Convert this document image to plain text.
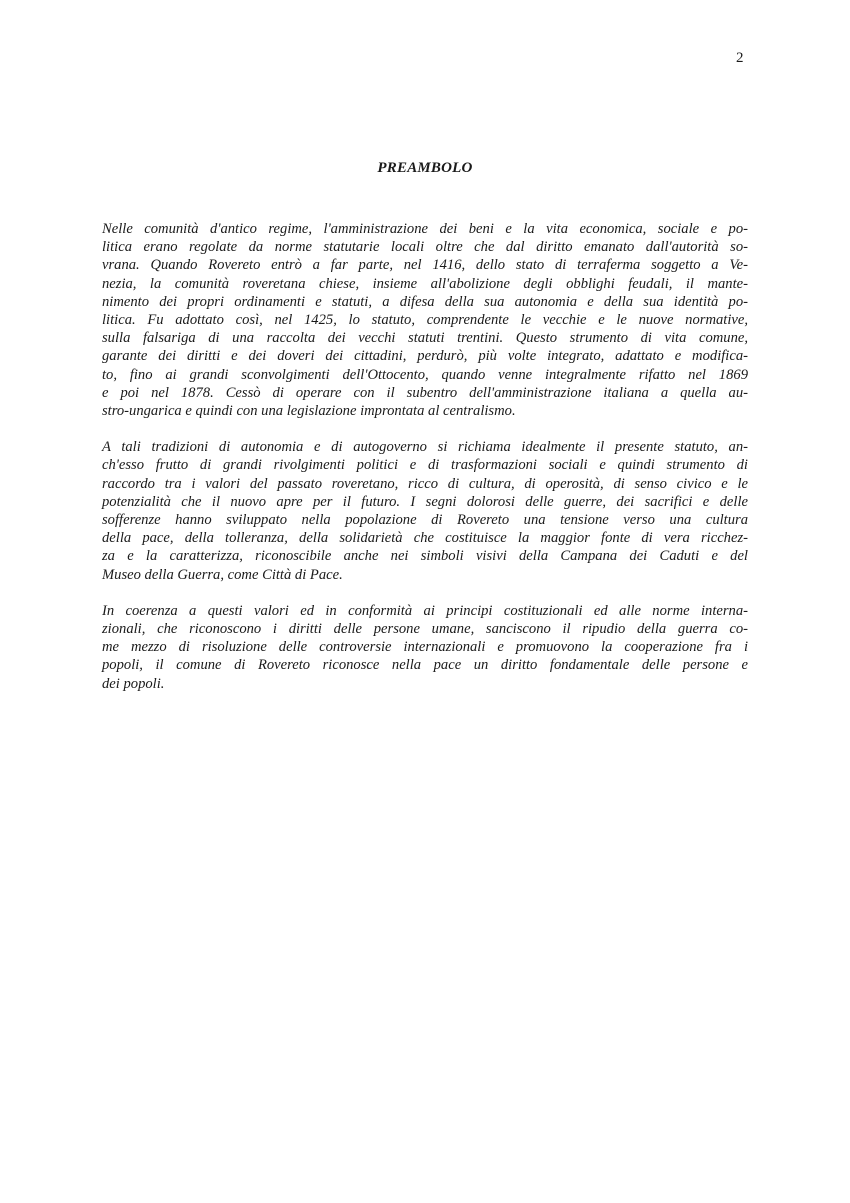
2
PREAMBOLO

Nelle comunità d'antico regime, l'amministrazione dei beni e la vita economica, sociale e po-
litica erano regolate da norme statutarie locali oltre che dal diritto emanato dall'autorità so-
vrana. Quando Rovereto entrò a far parte, nel 1416, dello stato di terraferma soggetto a Ve-
nezia, la comunità roveretana chiese, insieme all'abolizione degli obblighi feudali, il mante-
nimento dei propri ordinamenti e statuti, a difesa della sua autonomia e della sua identità po-
litica. Fu adottato così, nel 1425, lo statuto, comprendente le vecchie e le nuove normative,
sulla falsariga di una raccolta dei vecchi statuti trentini. Questo strumento di vita comune,
garante dei diritti e dei doveri dei cittadini, perdurò, più volte integrato, adattato e modifica-
to, fino ai grandi sconvolgimenti dell'Ottocento, quando venne integralmente rifatto nel 1869
e poi nel 1878. Cessò di operare con il subentro dell'amministrazione italiana a quella au-
stro-ungarica e quindi con una legislazione improntata al centralismo.

A tali tradizioni di autonomia e di autogoverno si richiama idealmente il presente statuto, an-
ch'esso frutto di grandi rivolgimenti politici e di trasformazioni sociali e quindi strumento di
raccordo tra i valori del passato roveretano, ricco di cultura, di operosità, di senso civico e le
potenzialità che il nuovo apre per il futuro. I segni dolorosi delle guerre, dei sacrifici e delle
sofferenze hanno sviluppato nella popolazione di Rovereto una tensione verso una cultura
della pace, della tolleranza, della solidarietà che costituisce la maggior fonte di vera ricchez-
za e la caratterizza, riconoscibile anche nei simboli visivi della Campana dei Caduti e del
Museo della Guerra, come Città di Pace.

In coerenza a questi valori ed in conformità ai principi costituzionali ed alle norme interna-
zionali, che riconoscono i diritti delle persone umane, sanciscono il ripudio della guerra co-
me mezzo di risoluzione delle controversie internazionali e promuovono la cooperazione fra i
popoli, il comune di Rovereto riconosce nella pace un diritto fondamentale delle persone e
dei popoli.
